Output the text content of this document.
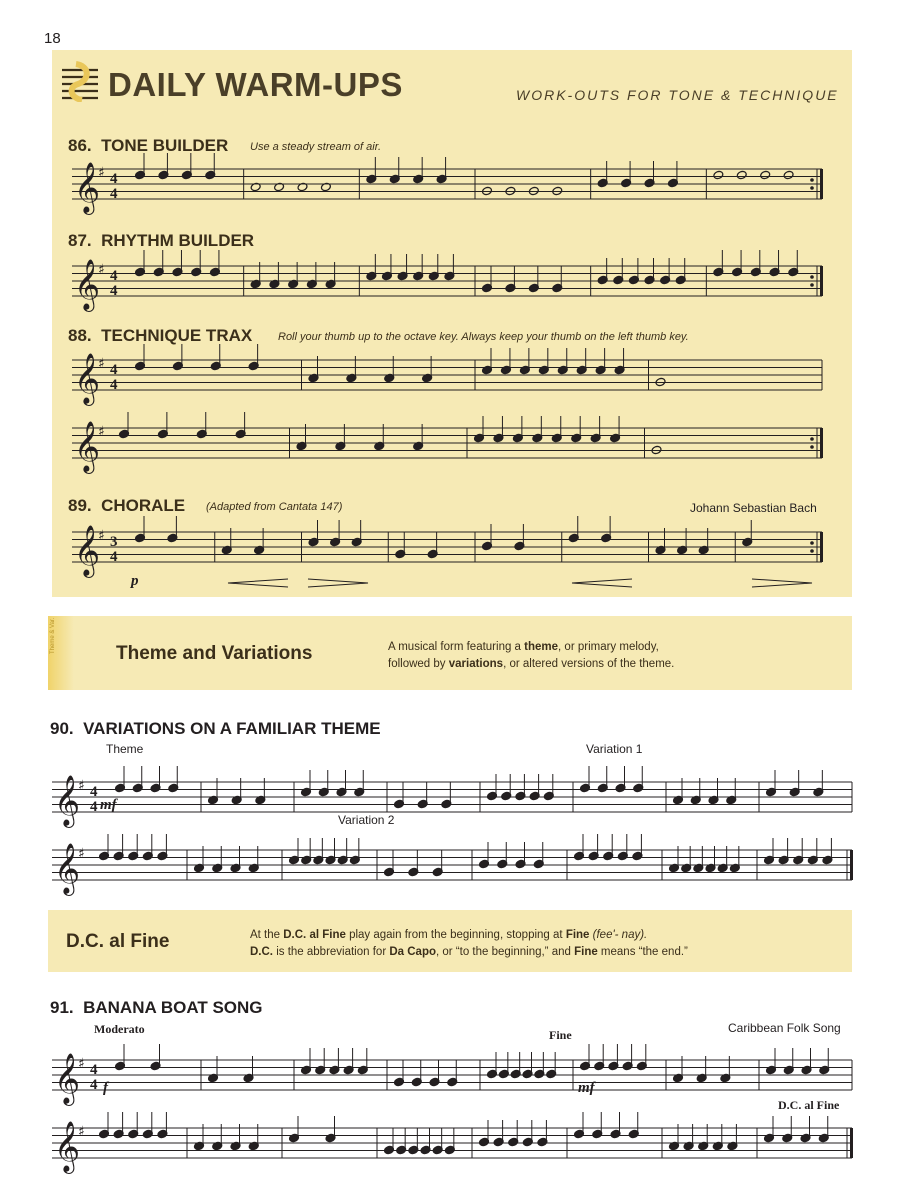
18
DAILY WARM-UPS	WORK-OUTS FOR TONE & TECHNIQUE
86. TONE BUILDER Use a steady stream of air.
87. RHYTHM BUILDER
88. TECHNIQUE TRAX Roll your thumb up to the octave key. Always keep your thumb on the left thumb key.
89. CHORALE (Adapted from Cantata 147)	Johann Sebastian Bach
p
Theme & Var.	Theme and Variations	A musical form featuring a theme, or primary melody,
followed by variations, or altered versions of the theme.
90. VARIATIONS ON A FAMILIAR THEME
Theme	Variation 1
Variation 2
mf
D.C. al Fine	At the D.C. al Fine play again from the beginning, stopping at Fine (fee'- nay).
D.C. is the abbreviation for Da Capo, or “to the beginning,” and Fine means “the end.”
91. BANANA BOAT SONG
Moderato	Caribbean Folk Song
Fine
D.C. al Fine
f	mf
𝄞
♯ 4
4
𝄞
♯ 4
4
𝄞
♯ 4
4
𝄞
♯
𝄞
♯ 3
4
𝄞
♯ 4
4
𝄞
♯
𝄞
♯ 4
4
𝄞
♯
